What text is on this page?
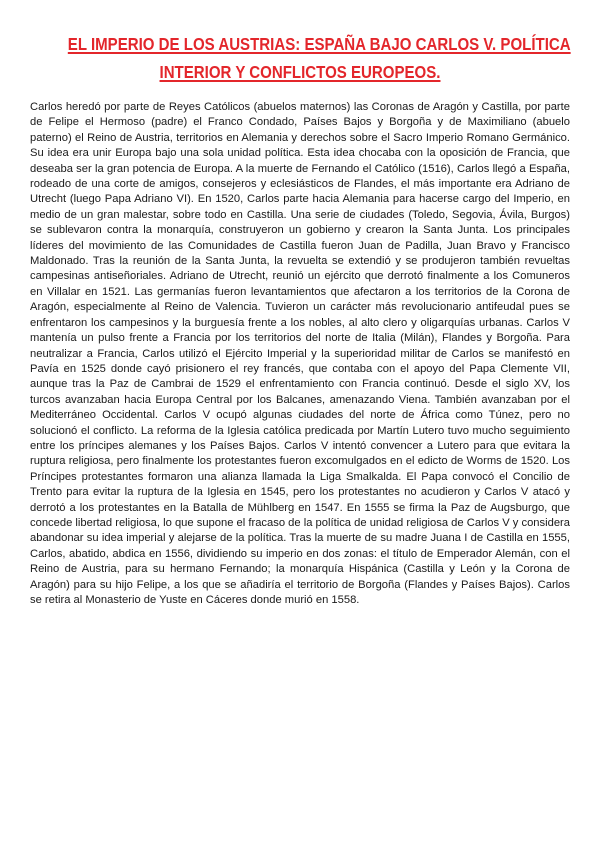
EL IMPERIO DE LOS AUSTRIAS: ESPAÑA BAJO CARLOS V. POLÍTICA
INTERIOR Y CONFLICTOS EUROPEOS.

Carlos heredó por parte de Reyes Católicos (abuelos maternos) las Coronas de Aragón y Castilla, por parte de Felipe el Hermoso (padre) el Franco Condado, Países Bajos y Borgoña y de Maximiliano (abuelo paterno) el Reino de Austria, territorios en Alemania y derechos sobre el Sacro Imperio Romano Germánico. Su idea era unir Europa bajo una sola unidad política. Esta idea chocaba con la oposición de Francia, que deseaba ser la gran potencia de Europa. A la muerte de Fernando el Católico (1516), Carlos llegó a España, rodeado de una corte de amigos, consejeros y eclesiásticos de Flandes, el más importante era Adriano de Utrecht (luego Papa Adriano VI). En 1520, Carlos parte hacia Alemania para hacerse cargo del Imperio, en medio de un gran malestar, sobre todo en Castilla. Una serie de ciudades (Toledo, Segovia, Ávila, Burgos) se sublevaron contra la monarquía, construyeron un gobierno y crearon la Santa Junta. Los principales líderes del movimiento de las Comunidades de Castilla fueron Juan de Padilla, Juan Bravo y Francisco Maldonado. Tras la reunión de la Santa Junta, la revuelta se extendió y se produjeron también revueltas campesinas antiseñoriales. Adriano de Utrecht, reunió un ejército que derrotó finalmente a los Comuneros en Villalar en 1521. Las germanías fueron levantamientos que afectaron a los territorios de la Corona de Aragón, especialmente al Reino de Valencia. Tuvieron un carácter más revolucionario antifeudal pues se enfrentaron los campesinos y la burguesía frente a los nobles, al alto clero y oligarquías urbanas. Carlos V mantenía un pulso frente a Francia por los territorios del norte de Italia (Milán), Flandes y Borgoña. Para neutralizar a Francia, Carlos utilizó el Ejército Imperial y la superioridad militar de Carlos se manifestó en Pavía en 1525 donde cayó prisionero el rey francés, que contaba con el apoyo del Papa Clemente VII, aunque tras la Paz de Cambrai de 1529 el enfrentamiento con Francia continuó. Desde el siglo XV, los turcos avanzaban hacia Europa Central por los Balcanes, amenazando Viena. También avanzaban por el Mediterráneo Occidental. Carlos V ocupó algunas ciudades del norte de África como Túnez, pero no solucionó el conflicto. La reforma de la Iglesia católica predicada por Martín Lutero tuvo mucho seguimiento entre los príncipes alemanes y los Países Bajos. Carlos V intentó convencer a Lutero para que evitara la ruptura religiosa, pero finalmente los protestantes fueron excomulgados en el edicto de Worms de 1520. Los Príncipes protestantes formaron una alianza llamada la Liga Smalkalda. El Papa convocó el Concilio de Trento para evitar la ruptura de la Iglesia en 1545, pero los protestantes no acudieron y Carlos V atacó y derrotó a los protestantes en la Batalla de Mühlberg en 1547. En 1555 se firma la Paz de Augsburgo, que concede libertad religiosa, lo que supone el fracaso de la política de unidad religiosa de Carlos V y considera abandonar su idea imperial y alejarse de la política. Tras la muerte de su madre Juana I de Castilla en 1555, Carlos, abatido, abdica en 1556, dividiendo su imperio en dos zonas: el título de Emperador Alemán, con el Reino de Austria, para su hermano Fernando; la monarquía Hispánica (Castilla y León y la Corona de Aragón) para su hijo Felipe, a los que se añadiría el territorio de Borgoña (Flandes y Países Bajos). Carlos se retira al Monasterio de Yuste en Cáceres donde murió en 1558.
